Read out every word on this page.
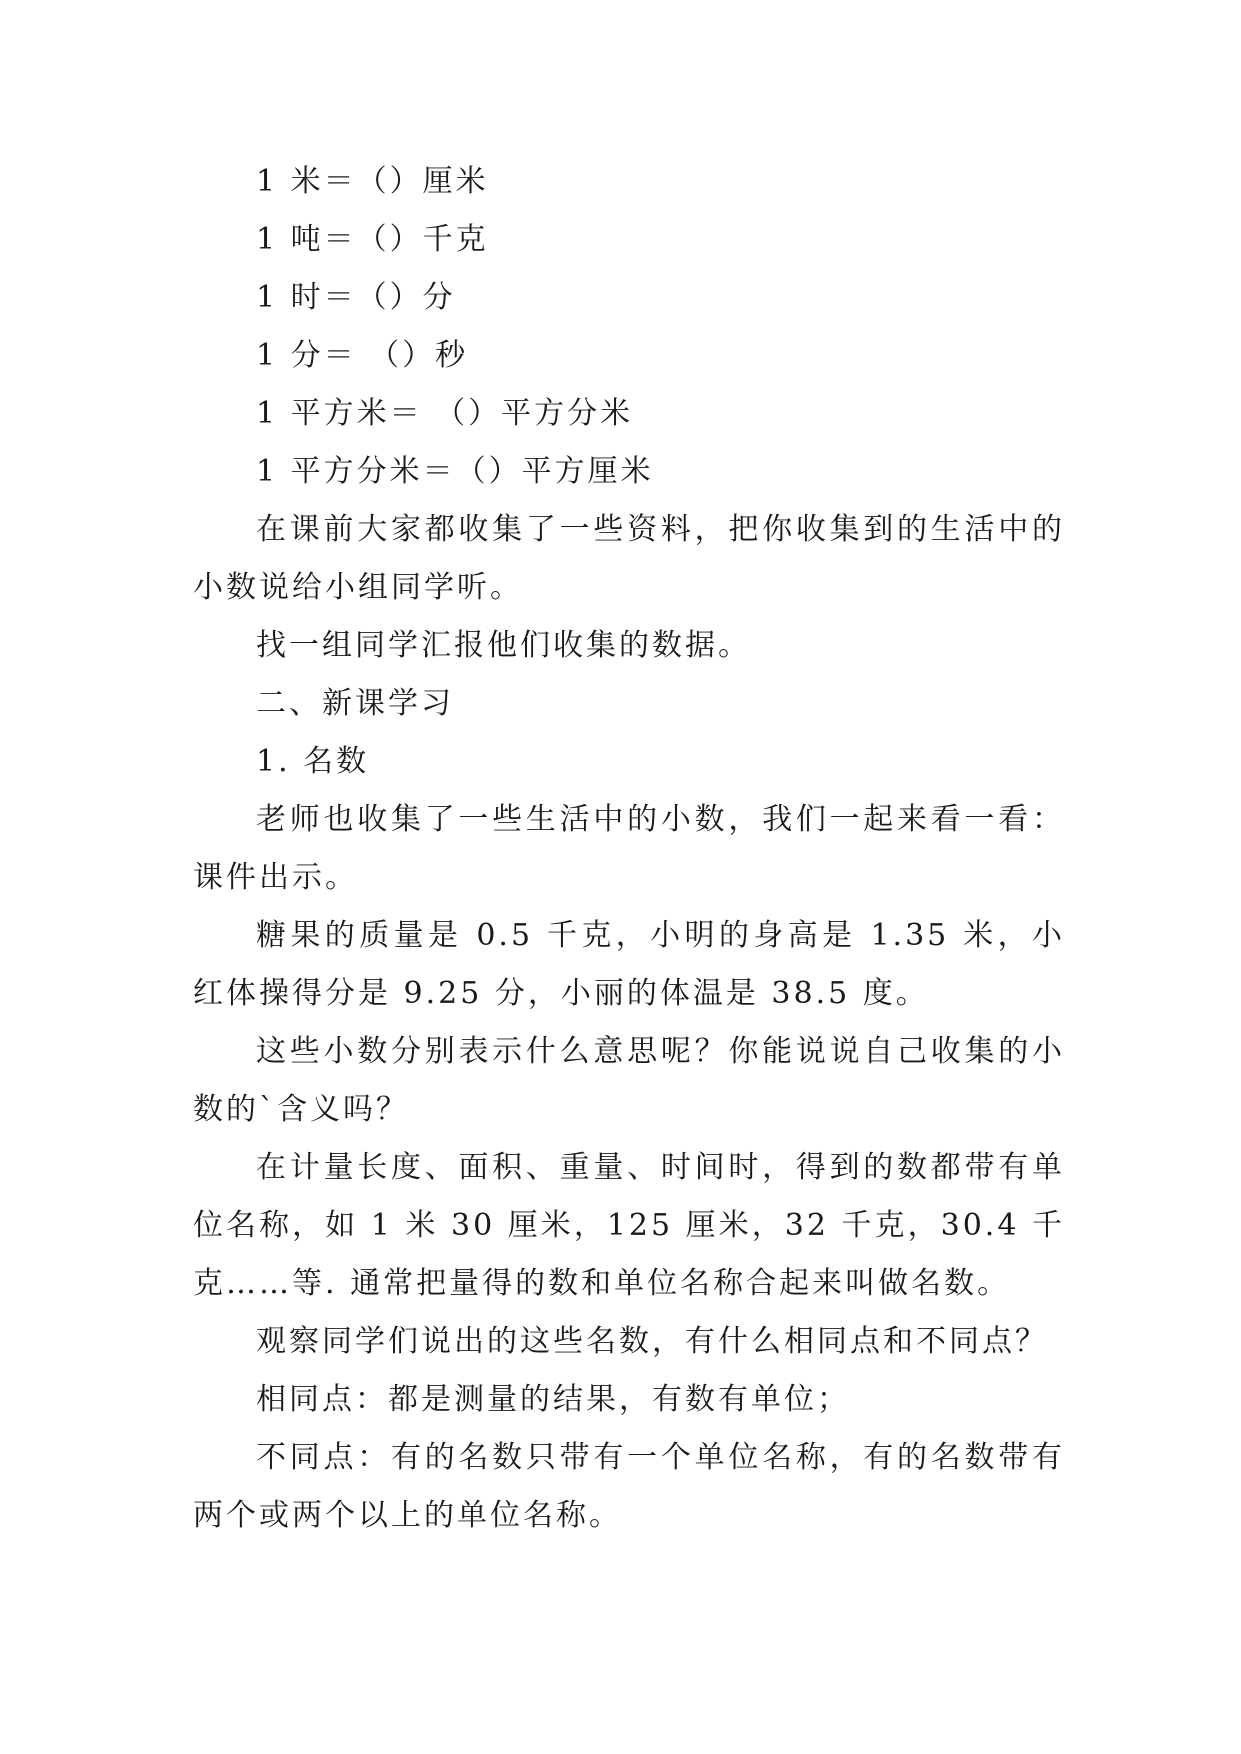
1 米＝（）厘米

1 吨＝（）千克

1 时＝（）分

1 分＝ （）秒

1 平方米＝ （）平方分米

1 平方分米＝（）平方厘米

在课前大家都收集了一些资料，把你收集到的生活中的小数说给小组同学听。

找一组同学汇报他们收集的数据。

二、新课学习

1. 名数

老师也收集了一些生活中的小数，我们一起来看一看：课件出示。

糖果的质量是 0.5 千克，小明的身高是 1.35 米，小红体操得分是 9.25 分，小丽的体温是 38.5 度。

这些小数分别表示什么意思呢？你能说说自己收集的小数的`含义吗？

在计量长度、面积、重量、时间时，得到的数都带有单位名称，如 1 米 30 厘米，125 厘米，32 千克，30.4 千克……等. 通常把量得的数和单位名称合起来叫做名数。

观察同学们说出的这些名数，有什么相同点和不同点？

相同点：都是测量的结果，有数有单位；

不同点：有的名数只带有一个单位名称，有的名数带有两个或两个以上的单位名称。
